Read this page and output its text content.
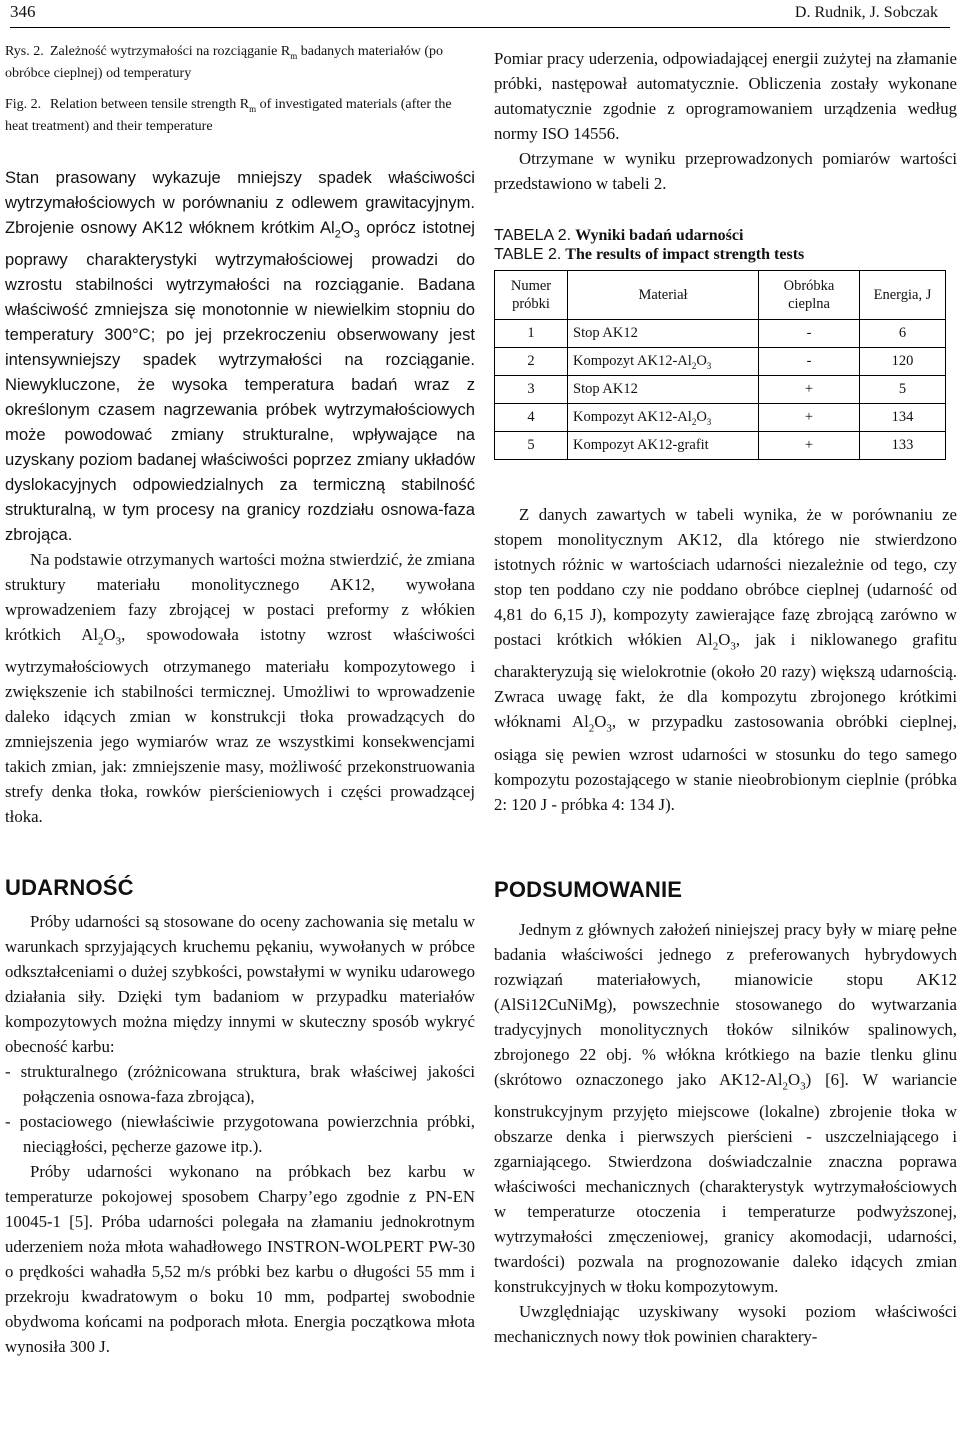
346	D. Rudnik, J. Sobczak
Rys. 2. Zależność wytrzymałości na rozciąganie $R_m$ badanych materiałów (po obróbce cieplnej) od temperatury
Fig. 2. Relation between tensile strength $R_m$ of investigated materials (after the heat treatment) and their temperature

Stan prasowany wykazuje mniejszy spadek właściwości wytrzymałościowych w porównaniu z odlewem grawitacyjnym. Zbrojenie osnowy AK12 włóknem krótkim $Al_2O_3$ oprócz istotnej poprawy charakterystyki wytrzymałościowej prowadzi do wzrostu stabilności wytrzymałości na rozciąganie. Badana właściwość zmniejsza się monotonnie w niewielkim stopniu do temperatury 300°C; po jej przekroczeniu obserwowany jest intensywniejszy spadek wytrzymałości na rozciąganie. Niewykluczone, że wysoka temperatura badań wraz z określonym czasem nagrzewania próbek wytrzymałościowych może powodować zmiany strukturalne, wpływające na uzyskany poziom badanej właściwości poprzez zmiany układów dyslokacyjnych odpowiedzialnych za termiczną stabilność strukturalną, w tym procesy na granicy rozdziału osnowa-faza zbrojąca.

Na podstawie otrzymanych wartości można stwierdzić, że zmiana struktury materiału monolitycznego AK12, wywołana wprowadzeniem fazy zbrojącej w postaci preformy z włókien krótkich $Al_2O_3$, spowodowała istotny wzrost właściwości wytrzymałościowych otrzymanego materiału kompozytowego i zwiększenie ich stabilności termicznej. Umożliwi to wprowadzenie daleko idących zmian w konstrukcji tłoka prowadzących do zmniejszenia jego wymiarów wraz ze wszystkimi konsekwencjami takich zmian, jak: zmniejszenie masy, możliwość przekonstruowania strefy denka tłoka, rowków pierścieniowych i części prowadzącej tłoka.

UDARNOŚĆ

Próby udarności są stosowane do oceny zachowania się metalu w warunkach sprzyjających kruchemu pękaniu, wywołanych w próbce odkształceniami o dużej szybkości, powstałymi w wyniku udarowego działania siły. Dzięki tym badaniom w przypadku materiałów kompozytowych można między innymi w skuteczny sposób wykryć obecność karbu:

- strukturalnego (zróżnicowana struktura, brak właściwej jakości połączenia osnowa-faza zbrojąca),
- postaciowego (niewłaściwie przygotowana powierzchnia próbki, nieciągłości, pęcherze gazowe itp.).

Próby udarności wykonano na próbkach bez karbu w temperaturze pokojowej sposobem Charpy’ego zgodnie z PN-EN 10045-1 [5]. Próba udarności polegała na złamaniu jednokrotnym uderzeniem noża młota wahadłowego INSTRON-WOLPERT PW-30 o prędkości wahadła 5,52 m/s próbki bez karbu o długości 55 mm i przekroju kwadratowym o boku 10 mm, podpartej swobodnie obydwoma końcami na podporach młota. Energia początkowa młota wynosiła 300 J.

Pomiar pracy uderzenia, odpowiadającej energii zużytej na złamanie próbki, następował automatycznie. Obliczenia zostały wykonane automatycznie zgodnie z oprogramowaniem urządzenia według normy ISO 14556.

Otrzymane w wyniku przeprowadzonych pomiarów wartości przedstawiono w tabeli 2.

TABELA 2. Wyniki badań udarności
TABLE 2. The results of impact strength tests
Numer próbki	Materiał	Obróbka cieplna	Energia, J
1	Stop AK12	-	6
2	Kompozyt $AK12-Al_2O_3$	-	120
3	Stop AK12	+	5
4	Kompozyt $AK12-Al_2O_3$	+	134
5	Kompozyt AK12-grafit	+	133

Z danych zawartych w tabeli wynika, że w porównaniu ze stopem monolitycznym AK12, dla którego nie stwierdzono istotnych różnic w wartościach udarności niezależnie od tego, czy stop ten poddano czy nie poddano obróbce cieplnej (udarność od 4,81 do 6,15 J), kompozyty zawierające fazę zbrojącą zarówno w postaci krótkich włókien $Al_2O_3$, jak i niklowanego grafitu charakteryzują się wielokrotnie (około 20 razy) większą udarnością. Zwraca uwagę fakt, że dla kompozytu zbrojonego krótkimi włóknami $Al_2O_3$, w przypadku zastosowania obróbki cieplnej, osiąga się pewien wzrost udarności w stosunku do tego samego kompozytu pozostającego w stanie nieobrobionym cieplnie (próbka 2: 120 J - próbka 4: 134 J).

PODSUMOWANIE

Jednym z głównych założeń niniejszej pracy były w miarę pełne badania właściwości jednego z preferowanych hybrydowych rozwiązań materiałowych, mianowicie stopu AK12 (AlSi12CuNiMg), powszechnie stosowanego do wytwarzania tradycyjnych monolitycznych tłoków silników spalinowych, zbrojonego 22 obj. % włókna krótkiego na bazie tlenku glinu (skrótowo oznaczonego jako $AK12-Al_2O_3$) [6]. W wariancie konstrukcyjnym przyjęto miejscowe (lokalne) zbrojenie tłoka w obszarze denka i pierwszych pierścieni - uszczelniającego i zgarniającego. Stwierdzona doświadczalnie znaczna poprawa właściwości mechanicznych (charakterystyk wytrzymałościowych w temperaturze otoczenia i temperaturze podwyższonej, wytrzymałości zmęczeniowej, granicy akomodacji, udarności, twardości) pozwala na prognozowanie daleko idących zmian konstrukcyjnych w tłoku kompozytowym.

Uwzględniając uzyskiwany wysoki poziom właściwości mechanicznych nowy tłok powinien charaktery-
